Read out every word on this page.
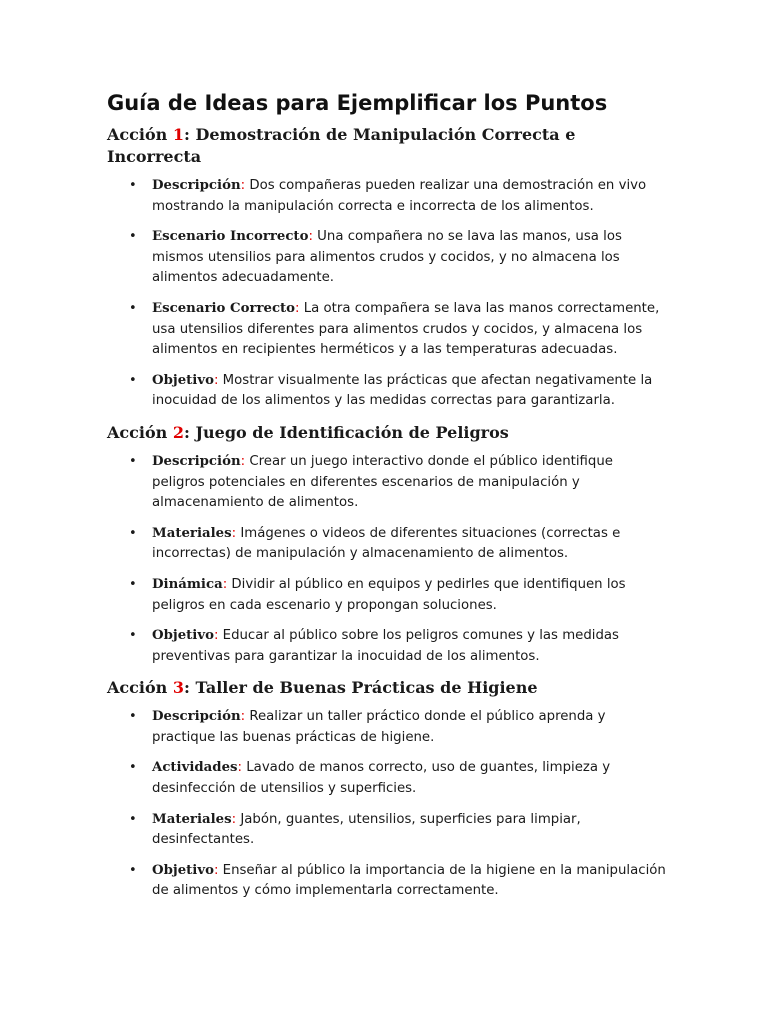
Guía de Ideas para Ejemplificar los Puntos
Acción 1: Demostración de Manipulación Correcta e Incorrecta
• Descripción: Dos compañeras pueden realizar una demostración en vivo mostrando la manipulación correcta e incorrecta de los alimentos.
• Escenario Incorrecto: Una compañera no se lava las manos, usa los mismos utensilios para alimentos crudos y cocidos, y no almacena los alimentos adecuadamente.
• Escenario Correcto: La otra compañera se lava las manos correctamente, usa utensilios diferentes para alimentos crudos y cocidos, y almacena los alimentos en recipientes herméticos y a las temperaturas adecuadas.
• Objetivo: Mostrar visualmente las prácticas que afectan negativamente la inocuidad de los alimentos y las medidas correctas para garantizarla.
Acción 2: Juego de Identificación de Peligros
• Descripción: Crear un juego interactivo donde el público identifique peligros potenciales en diferentes escenarios de manipulación y almacenamiento de alimentos.
• Materiales: Imágenes o videos de diferentes situaciones (correctas e incorrectas) de manipulación y almacenamiento de alimentos.
• Dinámica: Dividir al público en equipos y pedirles que identifiquen los peligros en cada escenario y propongan soluciones.
• Objetivo: Educar al público sobre los peligros comunes y las medidas preventivas para garantizar la inocuidad de los alimentos.
Acción 3: Taller de Buenas Prácticas de Higiene
• Descripción: Realizar un taller práctico donde el público aprenda y practique las buenas prácticas de higiene.
• Actividades: Lavado de manos correcto, uso de guantes, limpieza y desinfección de utensilios y superficies.
• Materiales: Jabón, guantes, utensilios, superficies para limpiar, desinfectantes.
• Objetivo: Enseñar al público la importancia de la higiene en la manipulación de alimentos y cómo implementarla correctamente.
